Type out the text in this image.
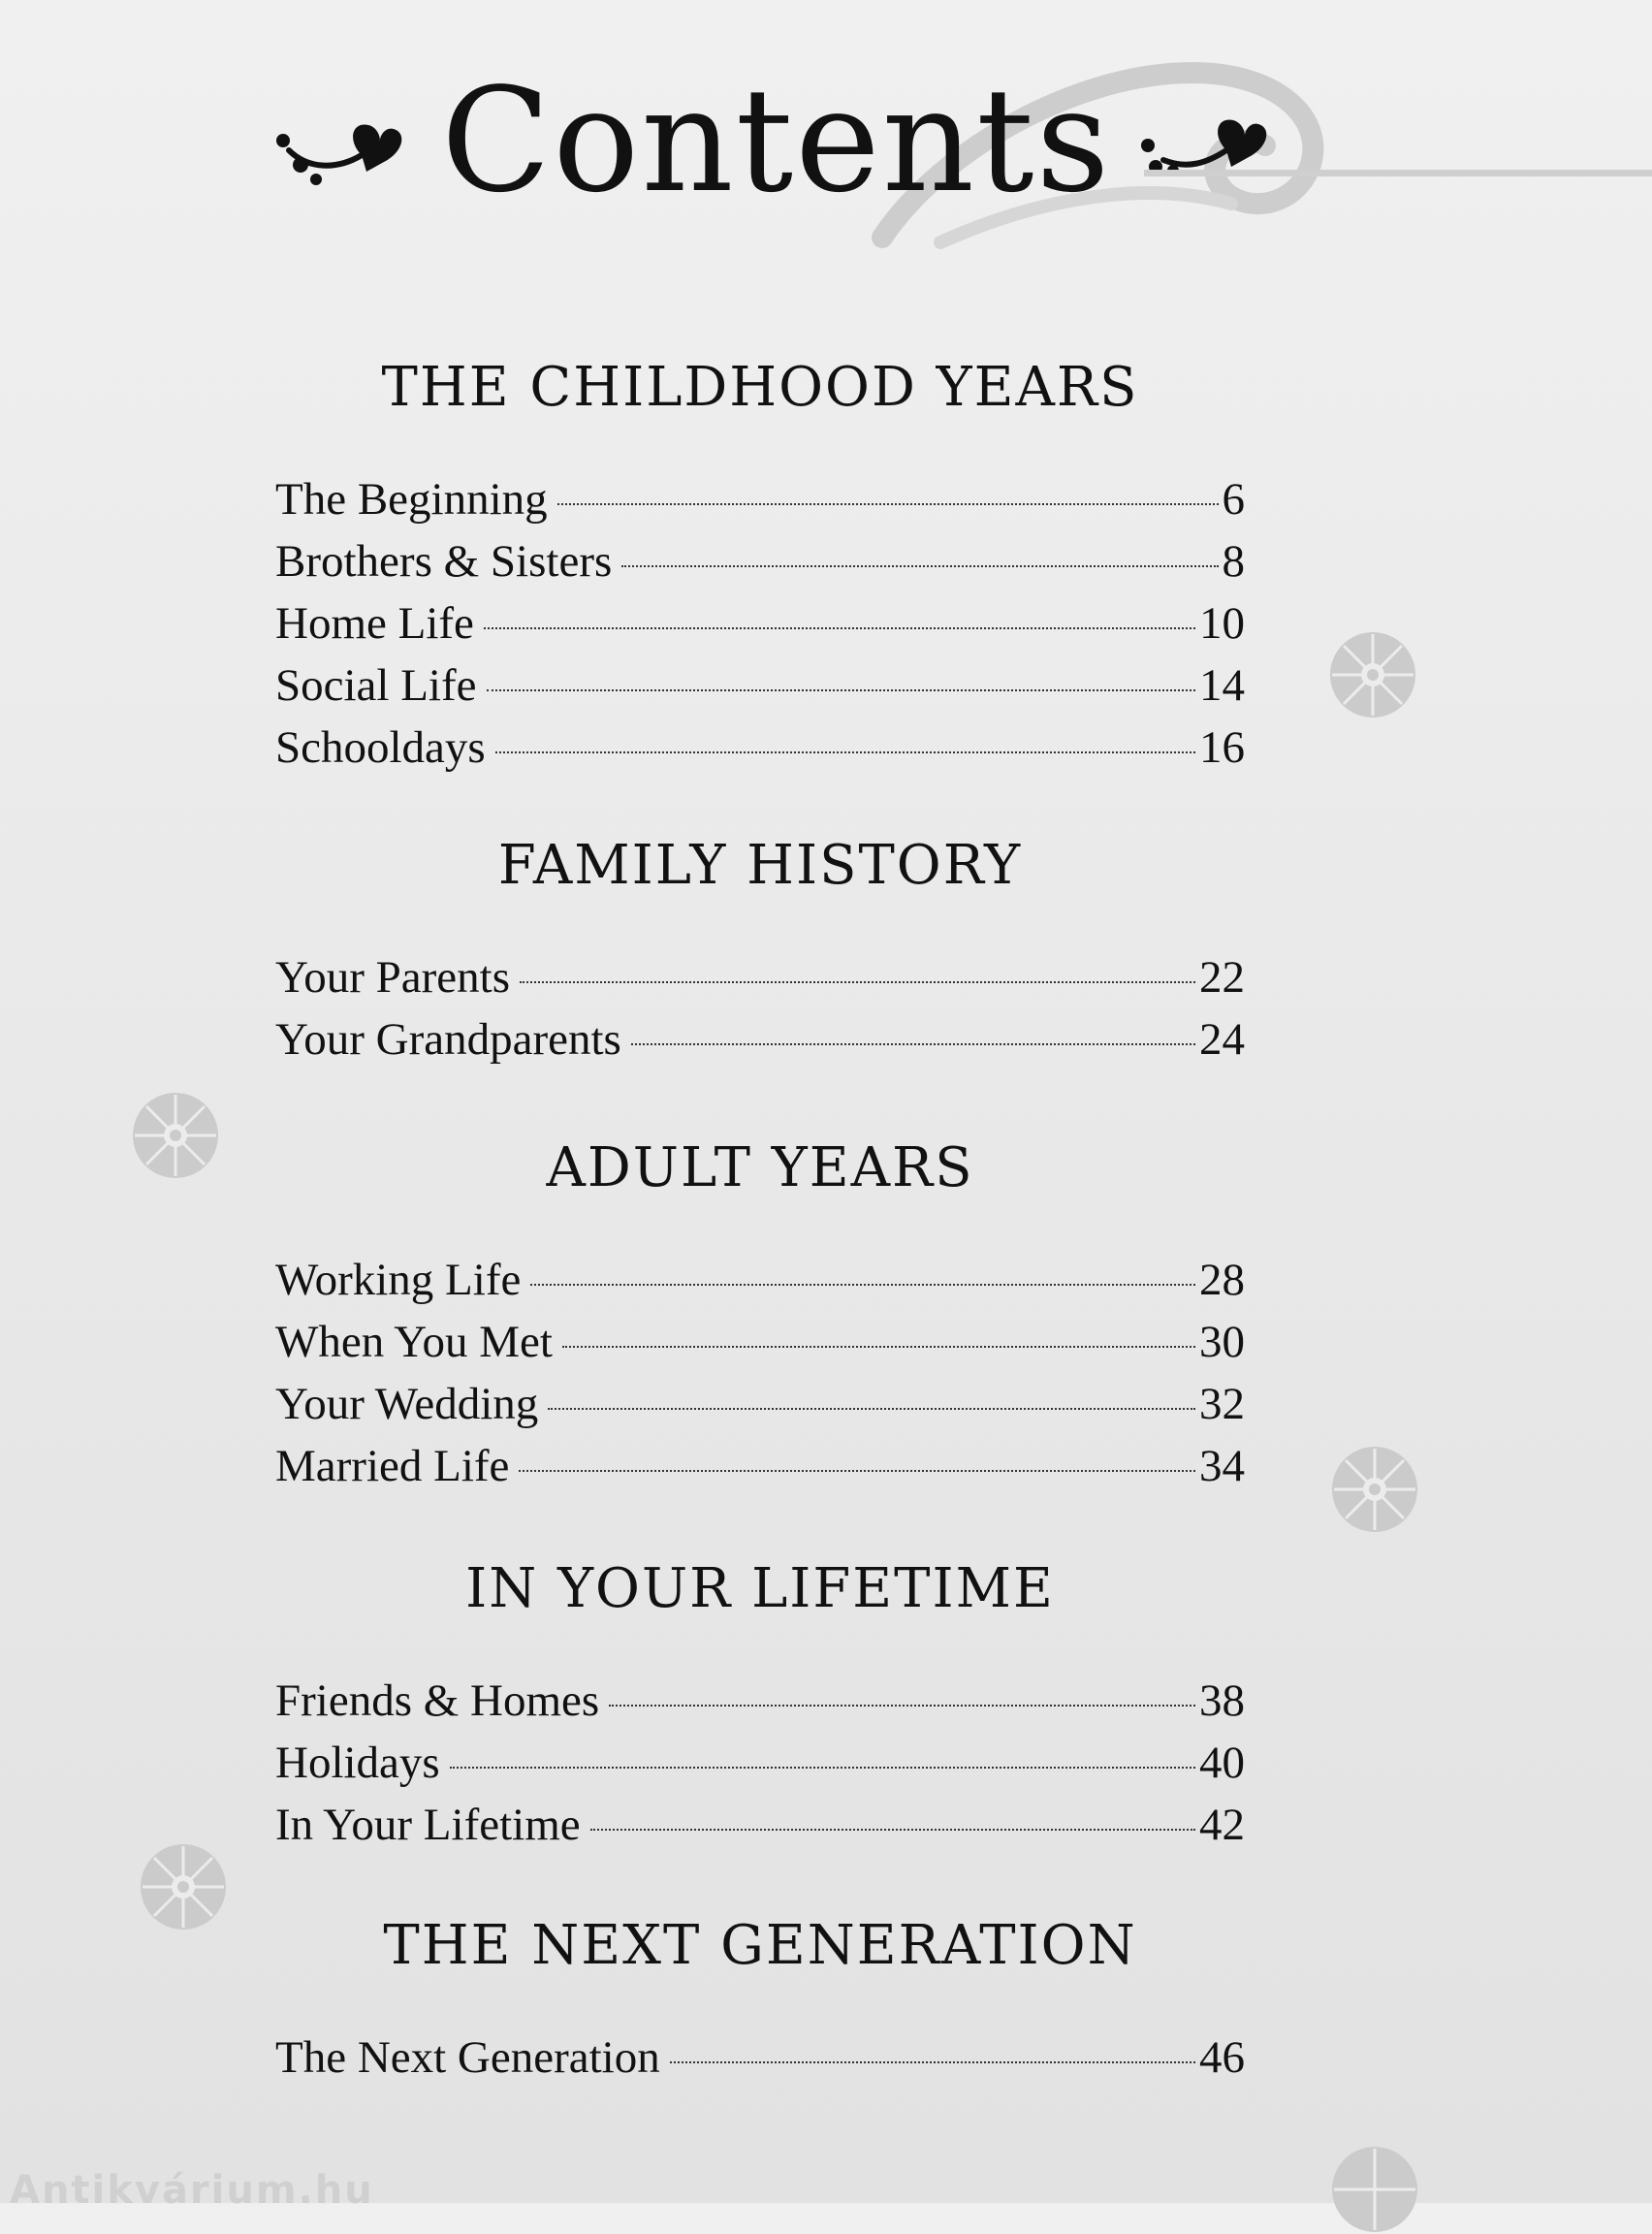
Contents
THE CHILDHOOD YEARS
The Beginning	6
Brothers & Sisters	8
Home Life	10
Social Life	14
Schooldays	16
FAMILY HISTORY
Your Parents	22
Your Grandparents	24
ADULT YEARS
Working Life	28
When You Met	30
Your Wedding	32
Married Life	34
IN YOUR LIFETIME
Friends & Homes	38
Holidays	40
In Your Lifetime	42
THE NEXT GENERATION
The Next Generation	46

Antikvárium.hu
